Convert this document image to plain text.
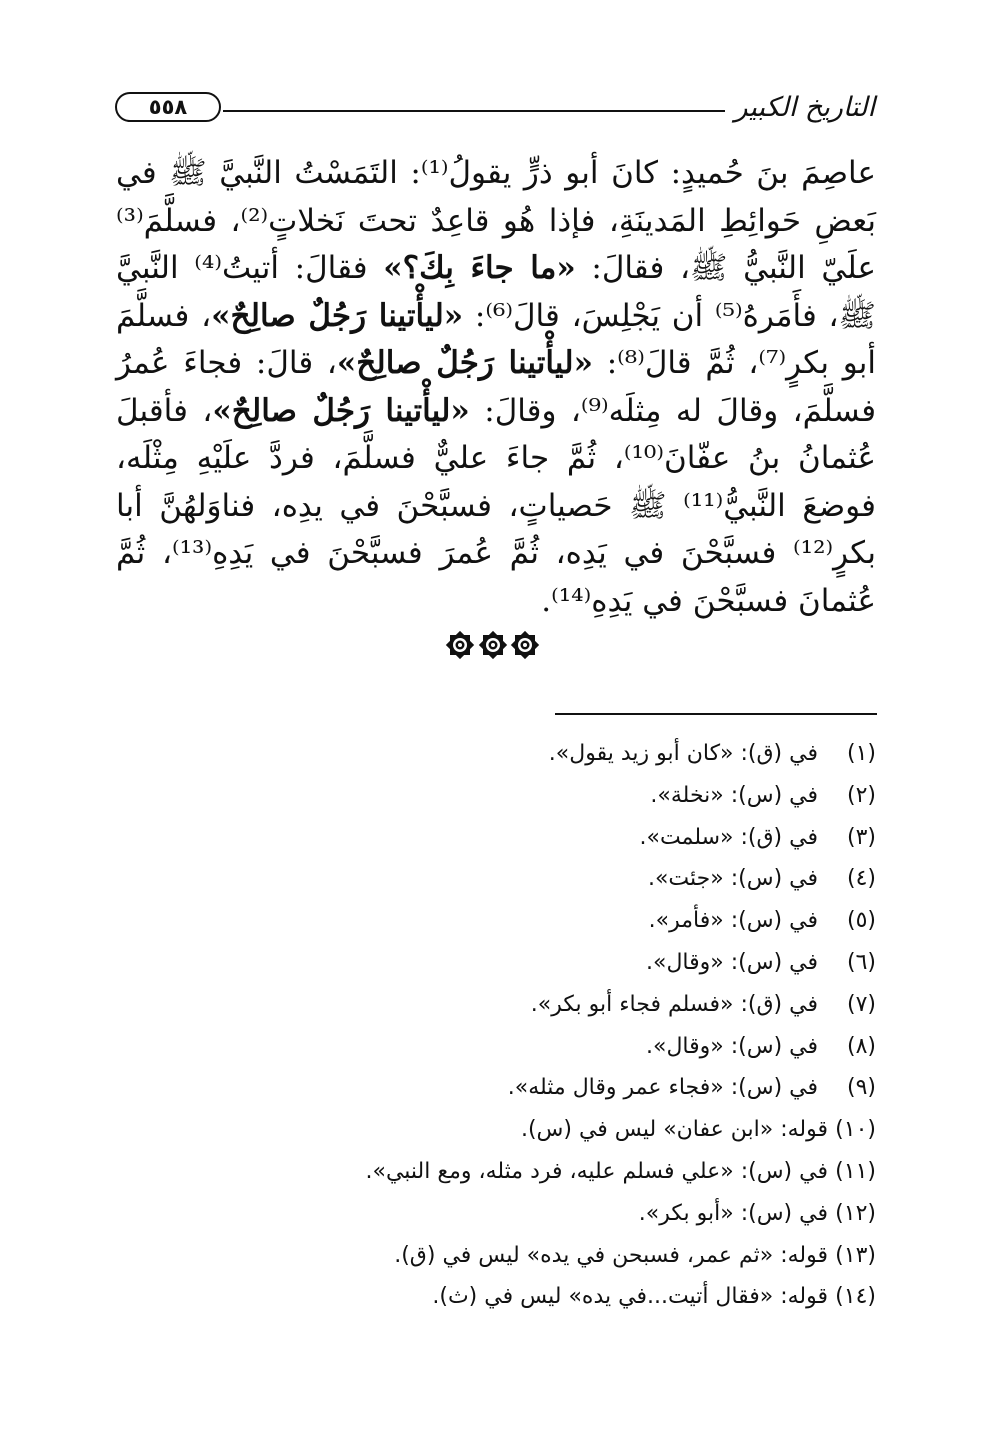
التاريخ الكبير
٥٥٨

عاصِمَ بنَ حُميدٍ: كانَ أبو ذرٍّ يقولُ⁽¹⁾: التَمَسْتُ النَّبيَّ ﷺ في بَعضِ حَوائِطِ المَدينَةِ، فإذا هُو قاعِدٌ تحتَ نَخلاتٍ⁽²⁾، فسلَّمَ⁽³⁾ علَيّ النَّبيُّ ﷺ، فقالَ: «ما جاءَ بِكَ؟» فقالَ: أتيتُ⁽⁴⁾ النَّبيَّ ﷺ، فأَمَرهُ⁽⁵⁾ أن يَجْلِسَ، قالَ⁽⁶⁾: «ليأْتينا رَجُلٌ صالِحٌ»، فسلَّمَ أبو بكرٍ⁽⁷⁾، ثُمَّ قالَ⁽⁸⁾: «ليأْتينا رَجُلٌ صالِحٌ»، قالَ: فجاءَ عُمرُ فسلَّمَ، وقالَ له مِثلَه⁽⁹⁾، وقالَ: «ليأْتينا رَجُلٌ صالِحٌ»، فأقبلَ عُثمانُ بنُ عفّانَ⁽¹⁰⁾، ثُمَّ جاءَ عليٌّ فسلَّمَ، فردَّ علَيْهِ مِثْلَه، فوضعَ النَّبيُّ⁽¹¹⁾ ﷺ حَصياتٍ، فسبَّحْنَ في يدِه، فناوَلهُنَّ أبا بكرٍ⁽¹²⁾ فسبَّحْنَ في يَدِه، ثُمَّ عُمرَ فسبَّحْنَ في يَدِهِ⁽¹³⁾، ثُمَّ عُثمانَ فسبَّحْنَ في يَدِهِ⁽¹⁴⁾.

(١)
في (ق): «كان أبو زيد يقول».
(٢)
في (س): «نخلة».
(٣)
في (ق): «سلمت».
(٤)
في (س): «جئت».
(٥)
في (س): «فأمر».
(٦)
في (س): «وقال».
(٧)
في (ق): «فسلم فجاء أبو بكر».
(٨)
في (س): «وقال».
(٩)
في (س): «فجاء عمر وقال مثله».
(١٠)
قوله: «ابن عفان» ليس في (س).
(١١)
في (س): «علي فسلم عليه، فرد مثله، ومع النبي».
(١٢)
في (س): «أبو بكر».
(١٣)
قوله: «ثم عمر، فسبحن في يده» ليس في (ق).
(١٤)
قوله: «فقال أتيت...في يده» ليس في (ث).
